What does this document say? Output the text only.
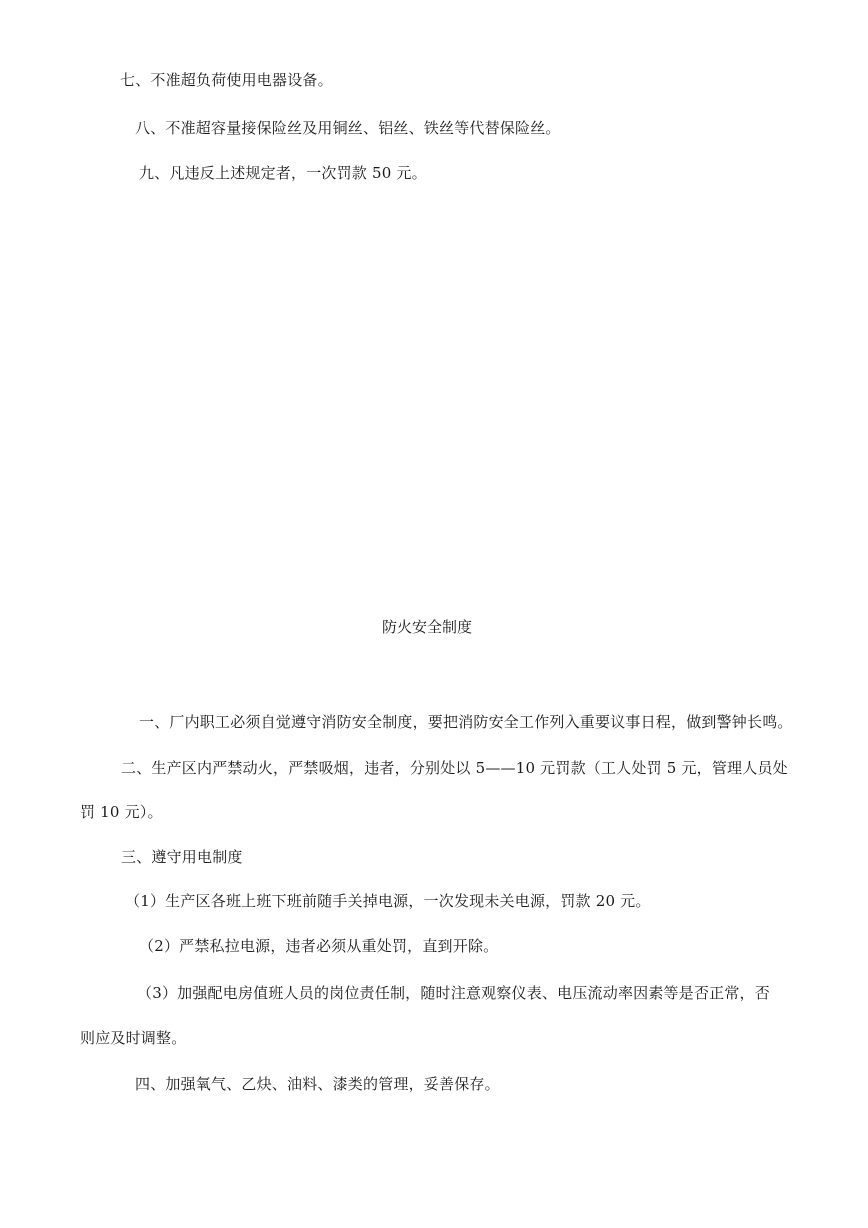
七、不准超负荷使用电器设备。
八、不准超容量接保险丝及用铜丝、铝丝、铁丝等代替保险丝。
九、凡违反上述规定者，一次罚款 50 元。
防火安全制度
一、厂内职工必须自觉遵守消防安全制度，要把消防安全工作列入重要议事日程，做到警钟长鸣。
二、生产区内严禁动火，严禁吸烟，违者，分别处以 5——10 元罚款（工人处罚 5 元，管理人员处
罚 10 元）。
三、遵守用电制度
（1）生产区各班上班下班前随手关掉电源，一次发现未关电源，罚款 20 元。
（2）严禁私拉电源，违者必须从重处罚，直到开除。
（3）加强配电房值班人员的岗位责任制，随时注意观察仪表、电压流动率因素等是否正常，否
则应及时调整。
四、加强氧气、乙炔、油料、漆类的管理，妥善保存。
